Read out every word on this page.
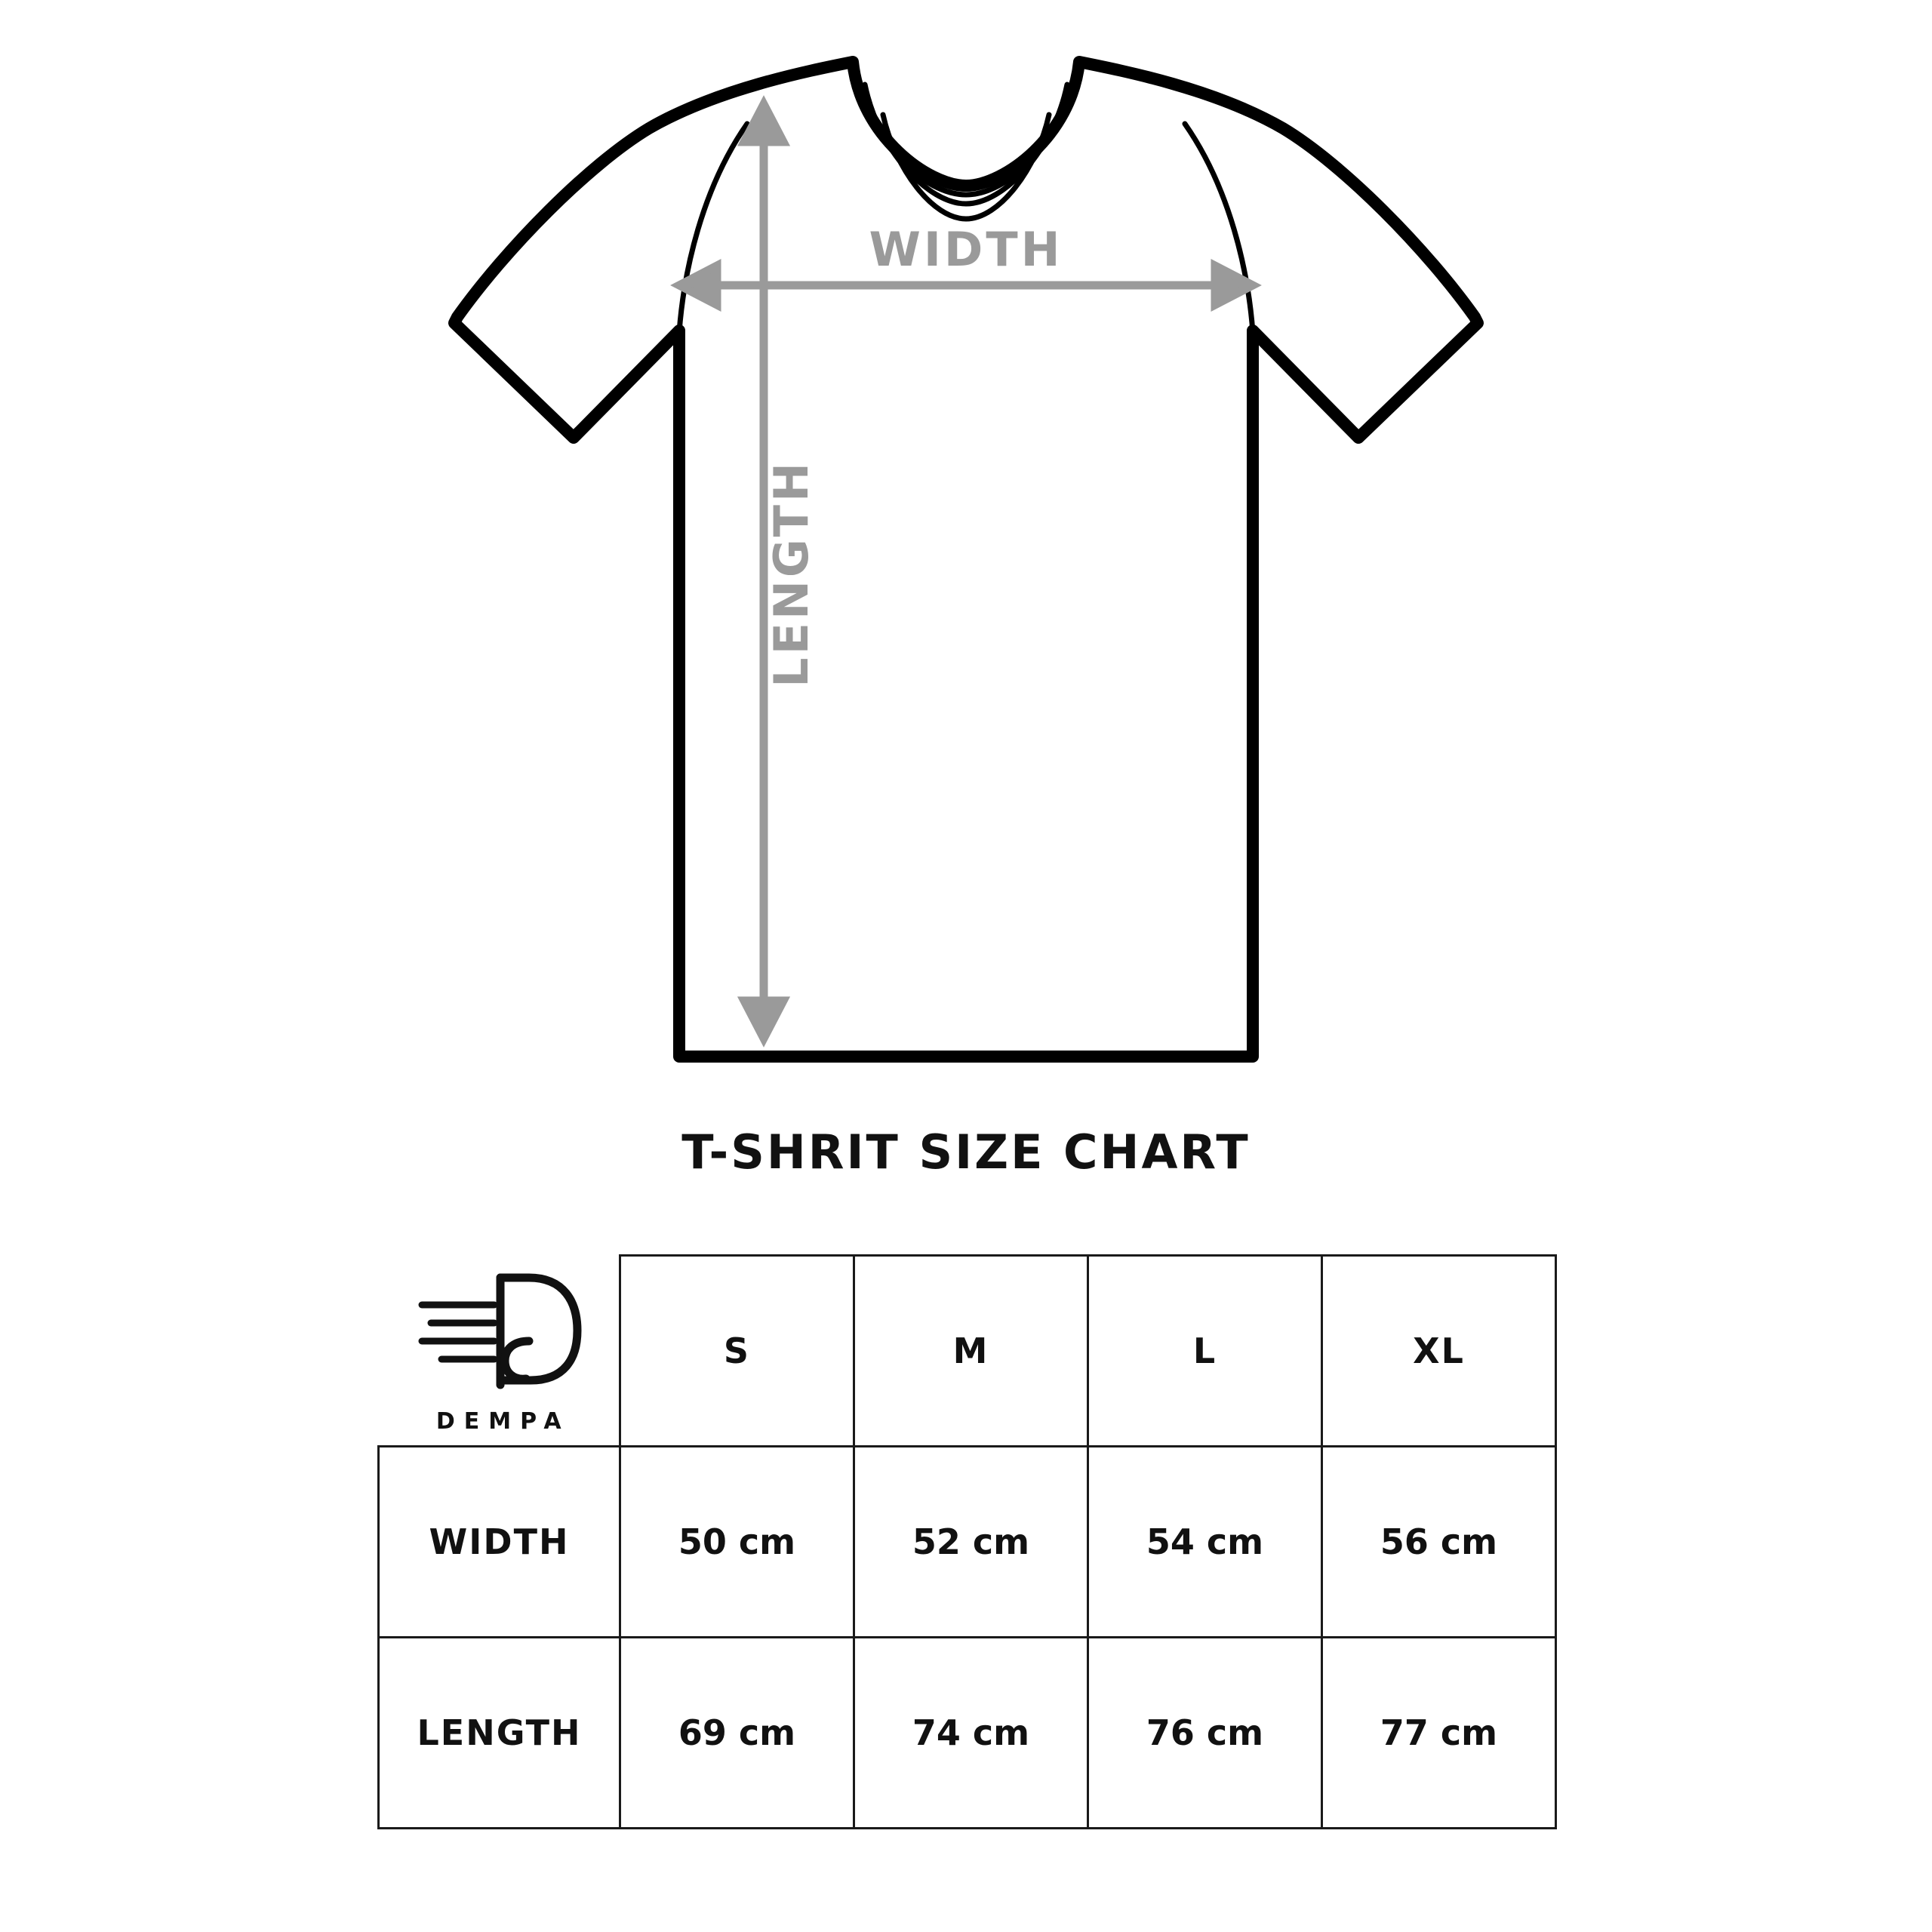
WIDTH
LENGTH
T-SHRIT SIZE CHART
DEMPA	S	M	L	XL
WIDTH	50 cm	52 cm	54 cm	56 cm
LENGTH	69 cm	74 cm	76 cm	77 cm
